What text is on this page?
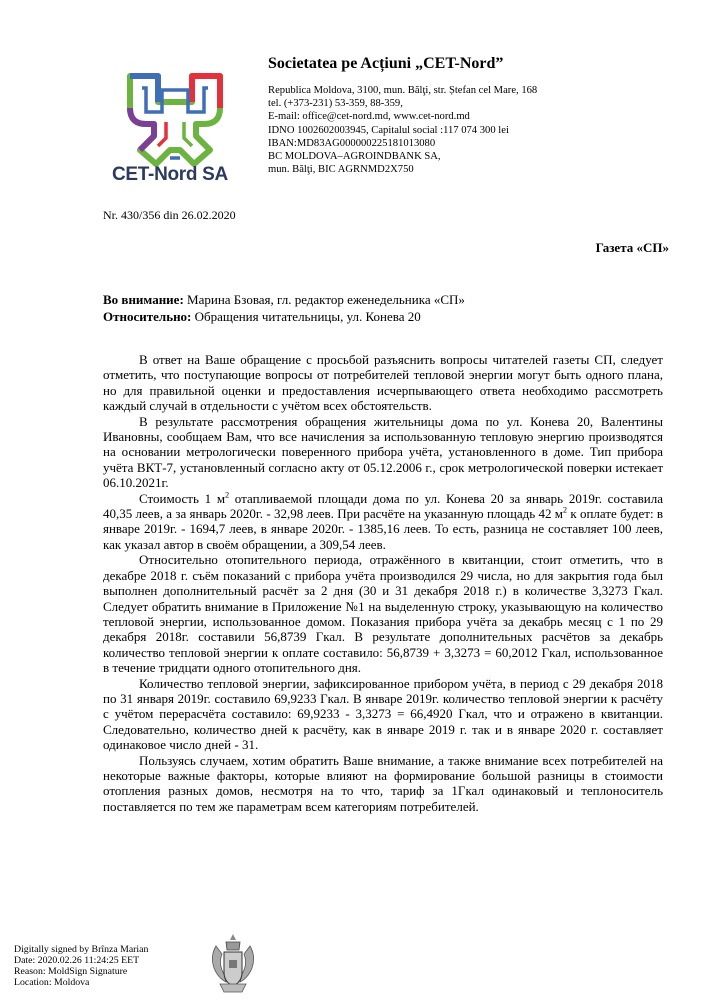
CET-Nord SA
Societatea pe Acțiuni „CET-Nord”
Republica Moldova, 3100, mun. Bălţi, str. Ștefan cel Mare, 168
tel. (+373-231) 53-359, 88-359,
E-mail: office@cet-nord.md, www.cet-nord.md
IDNO 1002602003945, Capitalul social :117 074 300 lei
IBAN:MD83AG000000225181013080
BC MOLDOVA–AGROINDBANK SA,
mun. Bălţi, BIC AGRNMD2X750
Nr. 430/356 din 26.02.2020
Газета «СП»
Во внимание: Марина Бзовая, гл. редактор еженедельника «СП»
Относительно: Обращения читательницы, ул. Конева 20

В ответ на Ваше обращение с просьбой разъяснить вопросы читателей газеты СП, следует отметить, что поступающие вопросы от потребителей тепловой энергии могут быть одного плана, но для правильной оценки и предоставления исчерпывающего ответа необходимо рассмотреть каждый случай в отдельности с учётом всех обстоятельств.

В результате рассмотрения обращения жительницы дома по ул. Конева 20, Валентины Ивановны, сообщаем Вам, что все начисления за использованную тепловую энергию производятся на основании метрологически поверенного прибора учёта, установленного в доме. Тип прибора учёта ВКТ-7, установленный согласно акту от 05.12.2006 г., срок метрологической поверки истекает 06.10.2021г.

Стоимость 1 $м^2$ отапливаемой площади дома по ул. Конева 20 за январь 2019г. составила 40,35 леев, а за январь 2020г. - 32,98 леев. При расчёте на указанную площадь 42 $м^2$ к оплате будет: в январе 2019г. - 1694,7 леев, в январе 2020г. - 1385,16 леев. То есть, разница не составляет 100 леев, как указал автор в своём обращении, а 309,54 леев.

Относительно отопительного периода, отражённого в квитанции, стоит отметить, что в декабре 2018 г. съём показаний с прибора учёта производился 29 числа, но для закрытия года был выполнен дополнительный расчёт за 2 дня (30 и 31 декабря 2018 г.) в количестве 3,3273 Гкал. Следует обратить внимание в Приложение №1 на выделенную строку, указывающую на количество тепловой энергии, использованное домом. Показания прибора учёта за декабрь месяц с 1 по 29 декабря 2018г. составили 56,8739 Гкал. В результате дополнительных расчётов за декабрь количество тепловой энергии к оплате составило: 56,8739 + 3,3273 = 60,2012 Гкал, использованное в течение тридцати одного отопительного дня.

Количество тепловой энергии, зафиксированное прибором учёта, в период с 29 декабря 2018 по 31 января 2019г. составило 69,9233 Гкал. В январе 2019г. количество тепловой энергии к расчёту с учётом перерасчёта составило: 69,9233 - 3,3273 = 66,4920 Гкал, что и отражено в квитанции. Следовательно, количество дней к расчёту, как в январе 2019 г. так и в январе 2020 г. составляет одинаковое число дней - 31.

Пользуясь случаем, хотим обратить Ваше внимание, а также внимание всех потребителей на некоторые важные факторы, которые влияют на формирование большой разницы в стоимости отопления разных домов, несмотря на то что, тариф за 1Гкал одинаковый и теплоноситель поставляется по тем же параметрам всем категориям потребителей.

Digitally signed by Brînza Marian
Date: 2020.02.26 11:24:25 EET
Reason: MoldSign Signature
Location: Moldova
